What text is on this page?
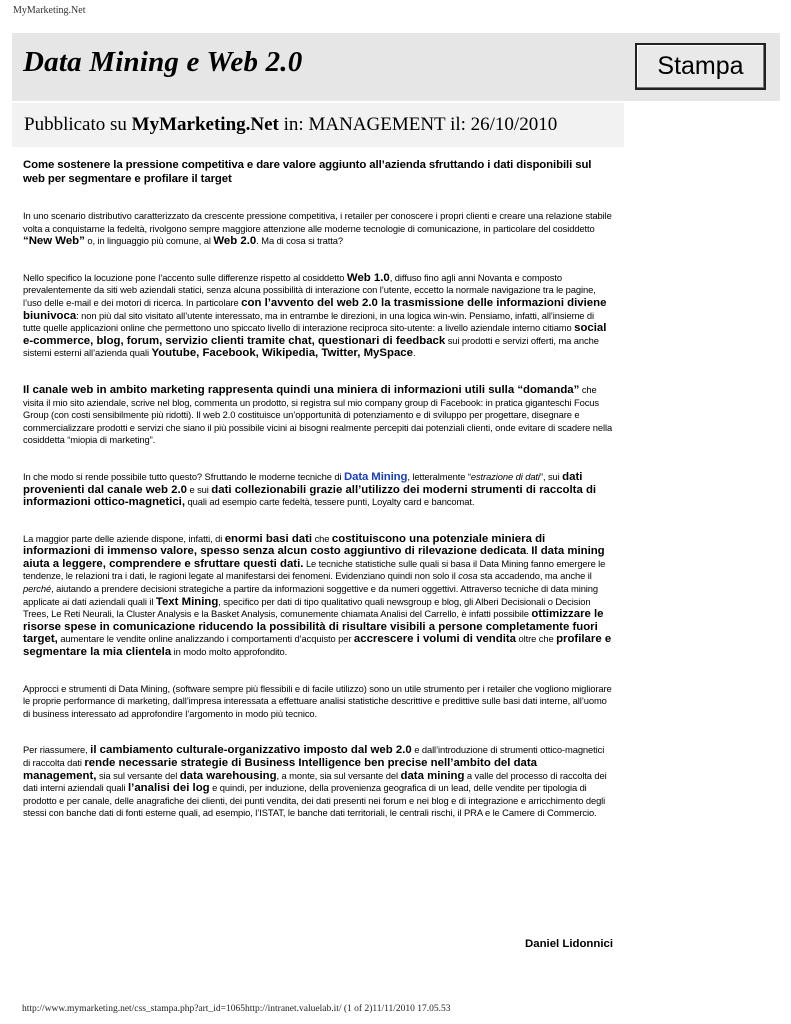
MyMarketing.Net
Data Mining e Web 2.0	Stampa
Pubblicato su MyMarketing.Net in: MANAGEMENT il: 26/10/2010

Come sostenere la pressione competitiva e dare valore aggiunto all’azienda sfruttando i dati disponibili sul web per segmentare e profilare il target

In uno scenario distributivo caratterizzato da crescente pressione competitiva, i retailer per conoscere i propri clienti e creare una relazione stabile volta a conquistarne la fedeltà, rivolgono sempre maggiore attenzione alle moderne tecnologie di comunicazione, in particolare del cosiddetto “New Web” o, in linguaggio più comune, al Web 2.0. Ma di cosa si tratta?

Nello specifico la locuzione pone l’accento sulle differenze rispetto al cosiddetto Web 1.0, diffuso fino agli anni Novanta e composto prevalentemente da siti web aziendali statici, senza alcuna possibilità di interazione con l’utente, eccetto la normale navigazione tra le pagine, l’uso delle e-mail e dei motori di ricerca. In particolare con l’avvento del web 2.0 la trasmissione delle informazioni diviene biunivoca: non più dal sito visitato all’utente interessato, ma in entrambe le direzioni, in una logica win-win. Pensiamo, infatti, all’insieme di tutte quelle applicazioni online che permettono uno spiccato livello di interazione reciproca sito-utente: a livello aziendale interno citiamo social e-commerce, blog, forum, servizio clienti tramite chat, questionari di feedback sui prodotti e servizi offerti, ma anche sistemi esterni all’azienda quali Youtube, Facebook, Wikipedia, Twitter, MySpace.

Il canale web in ambito marketing rappresenta quindi una miniera di informazioni utili sulla “domanda” che visita il mio sito aziendale, scrive nel blog, commenta un prodotto, si registra sul mio company group di Facebook: in pratica giganteschi Focus Group (con costi sensibilmente più ridotti). Il web 2.0 costituisce un’opportunità di potenziamento e di sviluppo per progettare, disegnare e commercializzare prodotti e servizi che siano il più possibile vicini ai bisogni realmente percepiti dai potenziali clienti, onde evitare di scadere nella cosiddetta “miopia di marketing”.

In che modo si rende possibile tutto questo? Sfruttando le moderne tecniche di Data Mining, letteralmente “estrazione di dati”, sui dati provenienti dal canale web 2.0 e sui dati collezionabili grazie all’utilizzo dei moderni strumenti di raccolta di informazioni ottico-magnetici, quali ad esempio carte fedeltà, tessere punti, Loyalty card e bancomat.

La maggior parte delle aziende dispone, infatti, di enormi basi dati che costituiscono una potenziale miniera di informazioni di immenso valore, spesso senza alcun costo aggiuntivo di rilevazione dedicata. Il data mining aiuta a leggere, comprendere e sfruttare questi dati. Le tecniche statistiche sulle quali si basa il Data Mining fanno emergere le tendenze, le relazioni tra i dati, le ragioni legate al manifestarsi dei fenomeni. Evidenziano quindi non solo il cosa sta accadendo, ma anche il perché, aiutando a prendere decisioni strategiche a partire da informazioni soggettive e da numeri oggettivi. Attraverso tecniche di data mining applicate ai dati aziendali quali il Text Mining, specifico per dati di tipo qualitativo quali newsgroup e blog, gli Alberi Decisionali o Decision Trees, Le Reti Neurali, la Cluster Analysis e la Basket Analysis, comunemente chiamata Analisi del Carrello, è infatti possibile ottimizzare le risorse spese in comunicazione riducendo la possibilità di risultare visibili a persone completamente fuori target, aumentare le vendite online analizzando i comportamenti d’acquisto per accrescere i volumi di vendita oltre che profilare e segmentare la mia clientela in modo molto approfondito.

Approcci e strumenti di Data Mining, (software sempre più flessibili e di facile utilizzo) sono un utile strumento per i retailer che vogliono migliorare le proprie performance di marketing, dall’impresa interessata a effettuare analisi statistiche descrittive e predittive sulle basi dati interne, all’uomo di business interessato ad approfondire l’argomento in modo più tecnico.

Per riassumere, il cambiamento culturale-organizzativo imposto dal web 2.0 e dall’introduzione di strumenti ottico-magnetici di raccolta dati rende necessarie strategie di Business Intelligence ben precise nell’ambito del data management, sia sul versante del data warehousing, a monte, sia sul versante del data mining a valle del processo di raccolta dei dati interni aziendali quali l’analisi dei log e quindi, per induzione, della provenienza geografica di un lead, delle vendite per tipologia di prodotto e per canale, delle anagrafiche dei clienti, dei punti vendita, dei dati presenti nei forum e nei blog e di integrazione e arricchimento degli stessi con banche dati di fonti esterne quali, ad esempio, l’ISTAT, le banche dati territoriali, le centrali rischi, il PRA e le Camere di Commercio.

Daniel Lidonnici
http://www.mymarketing.net/css_stampa.php?art_id=1065http://intranet.valuelab.it/ (1 of 2)11/11/2010 17.05.53
